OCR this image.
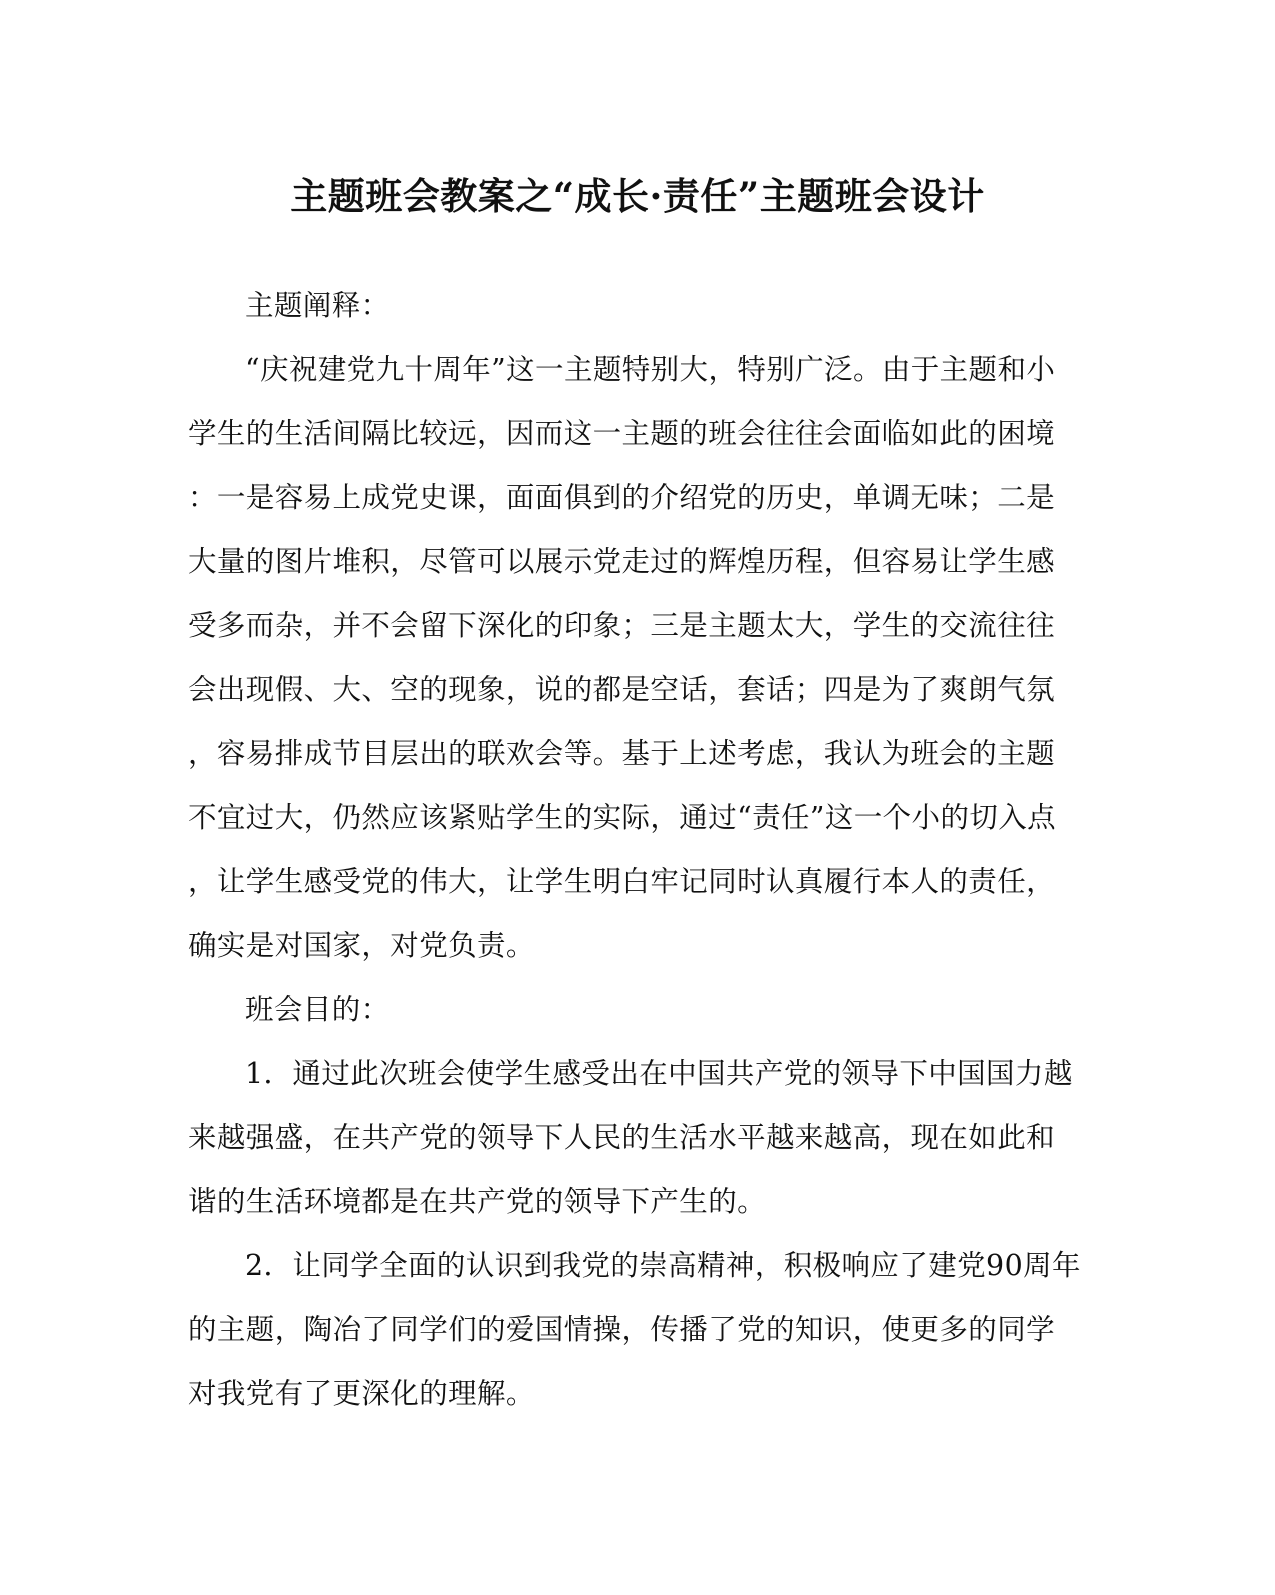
主题班会教案之“成长·责任”主题班会设计
主题阐释：
“庆祝建党九十周年”这一主题特别大，特别广泛。由于主题和小
学生的生活间隔比较远，因而这一主题的班会往往会面临如此的困境
：一是容易上成党史课，面面俱到的介绍党的历史，单调无味；二是
大量的图片堆积，尽管可以展示党走过的辉煌历程，但容易让学生感
受多而杂，并不会留下深化的印象；三是主题太大，学生的交流往往
会出现假、大、空的现象，说的都是空话，套话；四是为了爽朗气氛
，容易排成节目层出的联欢会等。基于上述考虑，我认为班会的主题
不宜过大，仍然应该紧贴学生的实际，通过“责任”这一个小的切入点
，让学生感受党的伟大，让学生明白牢记同时认真履行本人的责任，
确实是对国家，对党负责。
班会目的：
1．通过此次班会使学生感受出在中国共产党的领导下中国国力越
来越强盛，在共产党的领导下人民的生活水平越来越高，现在如此和
谐的生活环境都是在共产党的领导下产生的。
2．让同学全面的认识到我党的崇高精神，积极响应了建党90周年
的主题，陶冶了同学们的爱国情操，传播了党的知识，使更多的同学
对我党有了更深化的理解。
